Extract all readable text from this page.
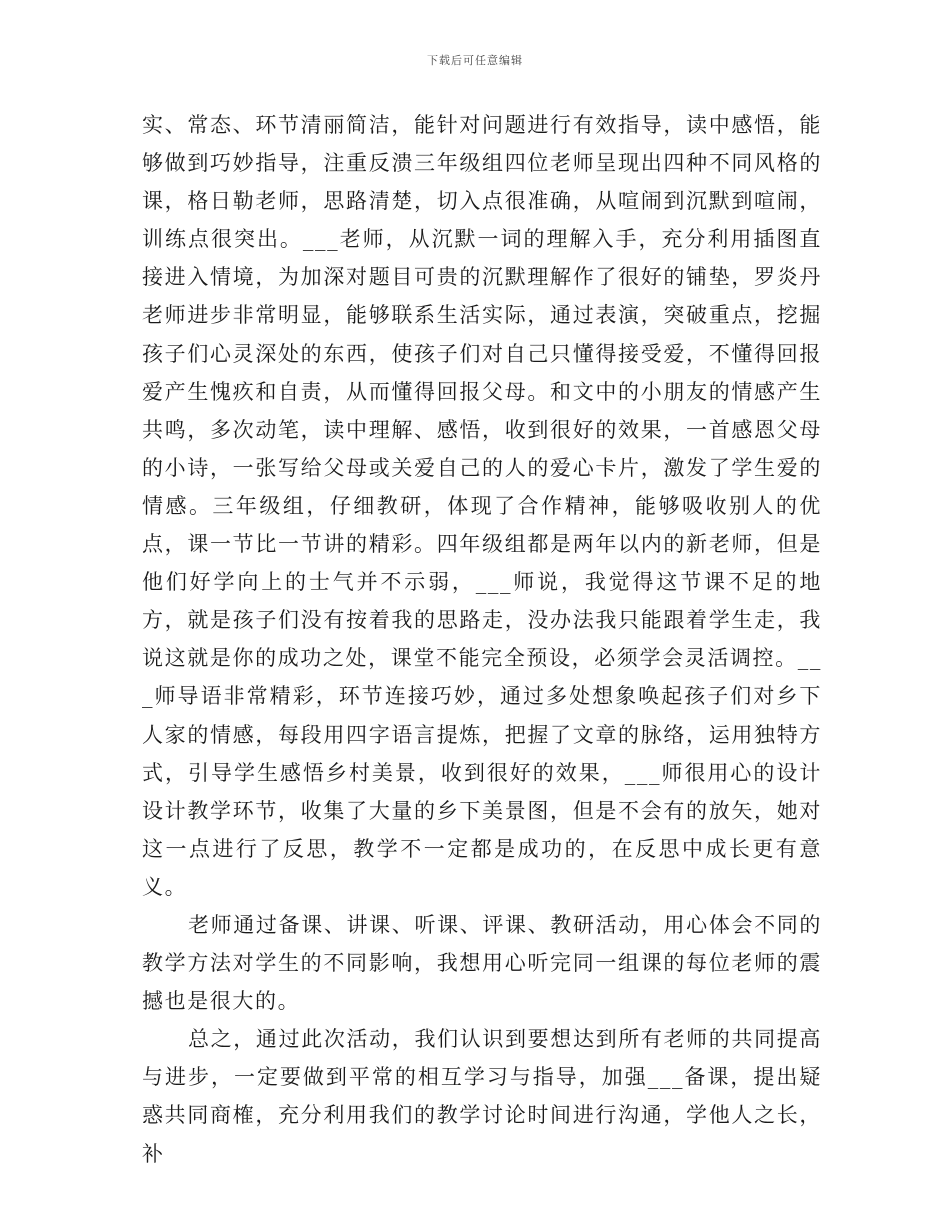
下载后可任意编辑

实、常态、环节清丽简洁，能针对问题进行有效指导，读中感悟，能够做到巧妙指导，注重反溃三年级组四位老师呈现出四种不同风格的课，格日勒老师，思路清楚，切入点很准确，从喧闹到沉默到喧闹，训练点很突出。___老师，从沉默一词的理解入手，充分利用插图直接进入情境，为加深对题目可贵的沉默理解作了很好的铺垫，罗炎丹老师进步非常明显，能够联系生活实际，通过表演，突破重点，挖掘孩子们心灵深处的东西，使孩子们对自己只懂得接受爱，不懂得回报爱产生愧疚和自责，从而懂得回报父母。和文中的小朋友的情感产生共鸣，多次动笔，读中理解、感悟，收到很好的效果，一首感恩父母的小诗，一张写给父母或关爱自己的人的爱心卡片，激发了学生爱的情感。三年级组，仔细教研，体现了合作精神，能够吸收别人的优点，课一节比一节讲的精彩。四年级组都是两年以内的新老师，但是他们好学向上的士气并不示弱，___师说，我觉得这节课不足的地方，就是孩子们没有按着我的思路走，没办法我只能跟着学生走，我说这就是你的成功之处，课堂不能完全预设，必须学会灵活调控。___师导语非常精彩，环节连接巧妙，通过多处想象唤起孩子们对乡下人家的情感，每段用四字语言提炼，把握了文章的脉络，运用独特方式，引导学生感悟乡村美景，收到很好的效果，___师很用心的设计设计教学环节，收集了大量的乡下美景图，但是不会有的放矢，她对这一点进行了反思，教学不一定都是成功的，在反思中成长更有意义。

老师通过备课、讲课、听课、评课、教研活动，用心体会不同的教学方法对学生的不同影响，我想用心听完同一组课的每位老师的震撼也是很大的。

总之，通过此次活动，我们认识到要想达到所有老师的共同提高与进步，一定要做到平常的相互学习与指导，加强___备课，提出疑惑共同商榷，充分利用我们的教学讨论时间进行沟通，学他人之长，补
